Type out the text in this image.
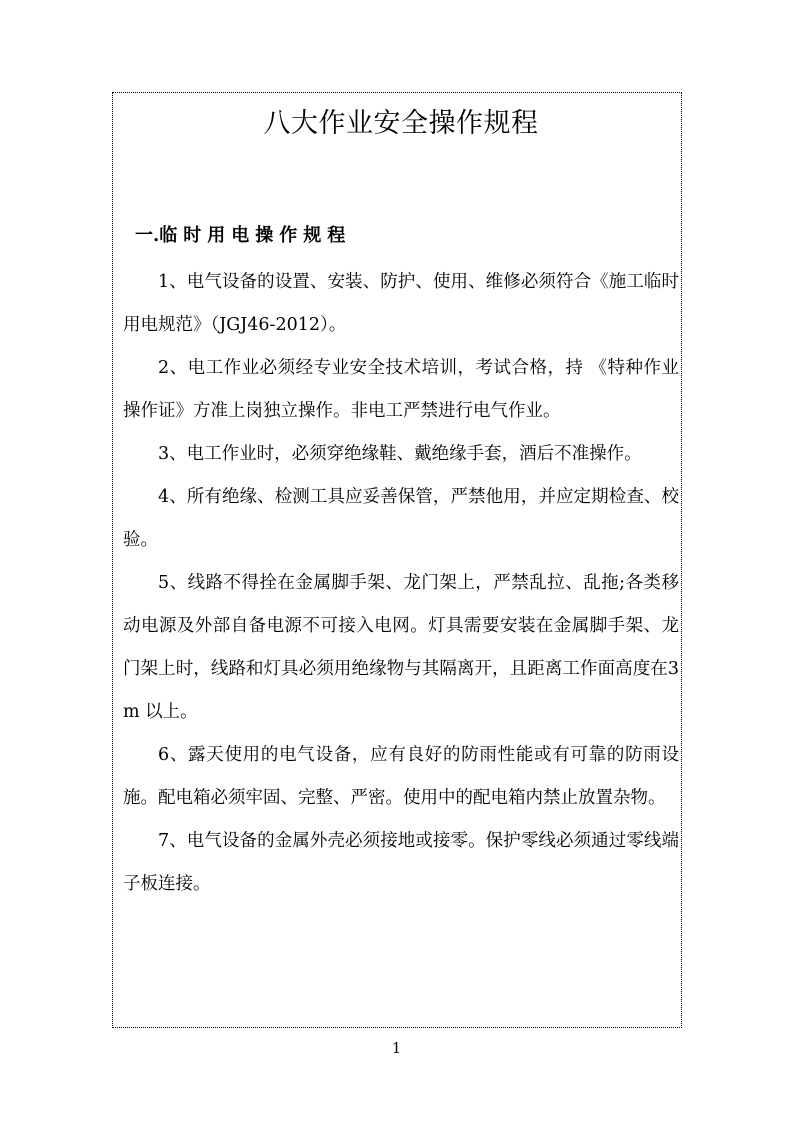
八大作业安全操作规程
一.临时用电操作规程

1、电气设备的设置、安装、防护、使用、维修必须符合《施工临时用电规范》（JGJ46-2012）。

2、电工作业必须经专业安全技术培训，考试合格，持 《特种作业操作证》方准上岗独立操作。非电工严禁进行电气作业。

3、电工作业时，必须穿绝缘鞋、戴绝缘手套，酒后不准操作。

4、所有绝缘、检测工具应妥善保管，严禁他用，并应定期检查、校验。

5、线路不得拴在金属脚手架、龙门架上，严禁乱拉、乱拖;各类移动电源及外部自备电源不可接入电网。灯具需要安装在金属脚手架、龙门架上时，线路和灯具必须用绝缘物与其隔离开，且距离工作面高度在3m 以上。

6、露天使用的电气设备，应有良好的防雨性能或有可靠的防雨设施。配电箱必须牢固、完整、严密。使用中的配电箱内禁止放置杂物。

7、电气设备的金属外壳必须接地或接零。保护零线必须通过零线端子板连接。

1
